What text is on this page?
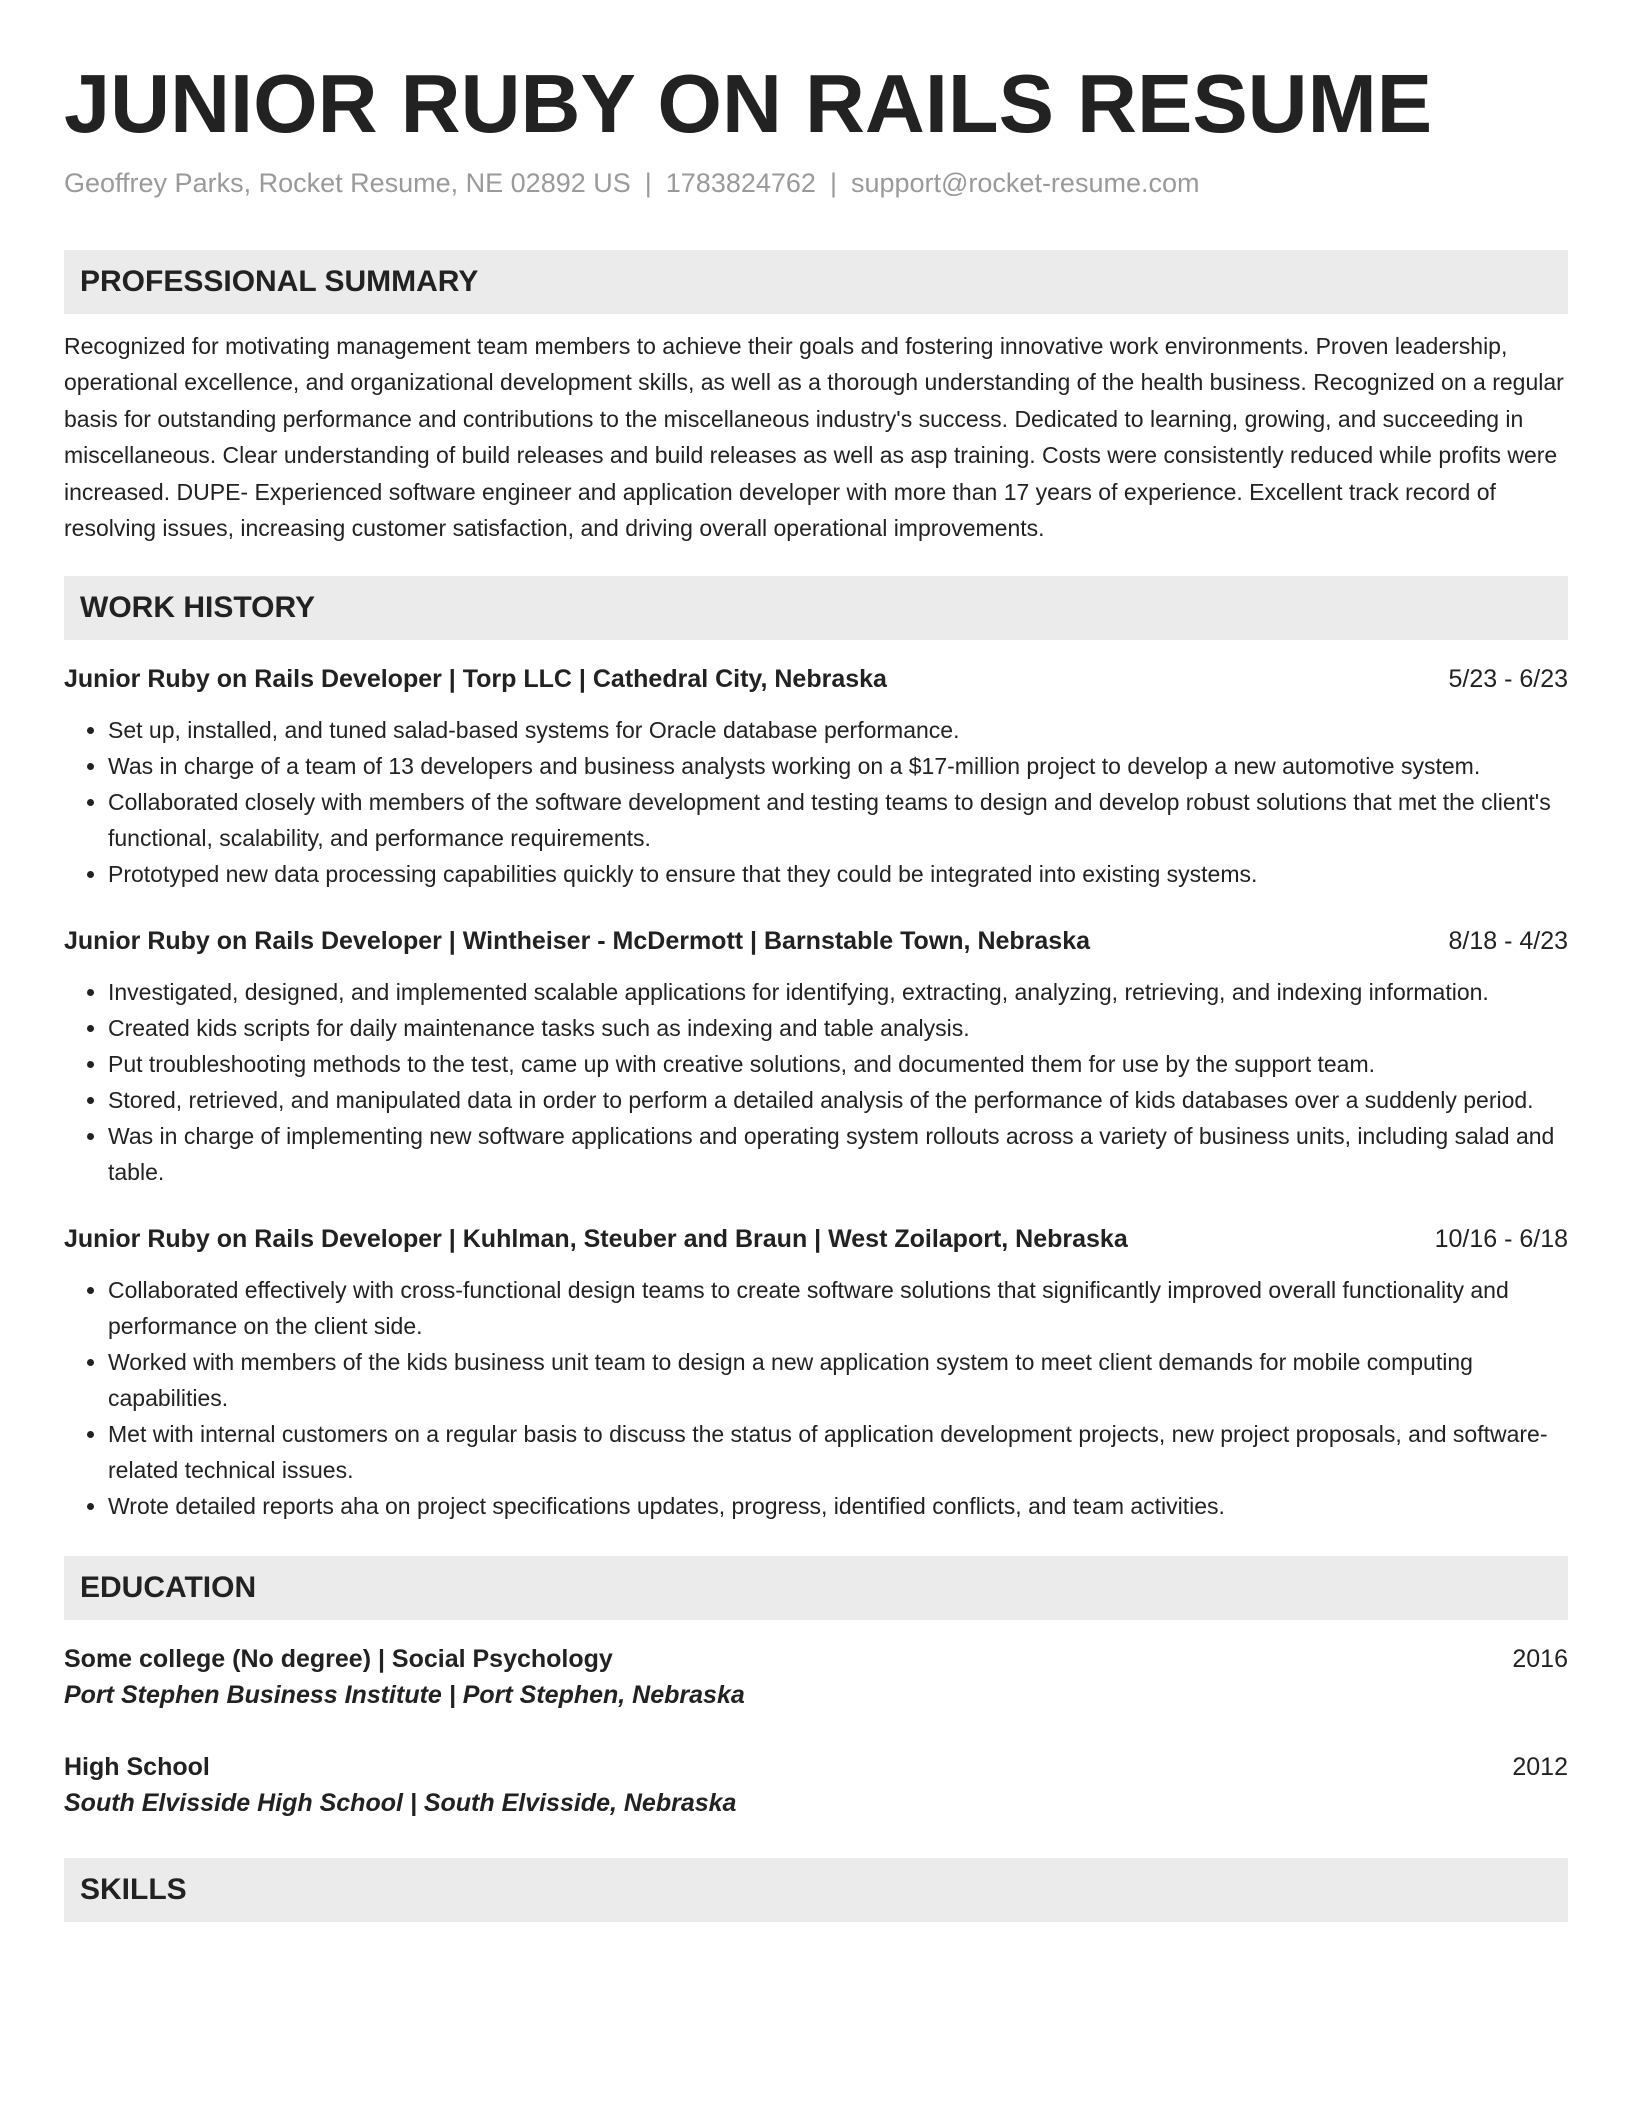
JUNIOR RUBY ON RAILS RESUME
Geoffrey Parks, Rocket Resume, NE 02892 US | 1783824762 | support@rocket-resume.com
PROFESSIONAL SUMMARY
Recognized for motivating management team members to achieve their goals and fostering innovative work environments. Proven leadership, operational excellence, and organizational development skills, as well as a thorough understanding of the health business. Recognized on a regular basis for outstanding performance and contributions to the miscellaneous industry's success. Dedicated to learning, growing, and succeeding in miscellaneous. Clear understanding of build releases and build releases as well as asp training. Costs were consistently reduced while profits were increased. DUPE- Experienced software engineer and application developer with more than 17 years of experience. Excellent track record of resolving issues, increasing customer satisfaction, and driving overall operational improvements.
WORK HISTORY
Junior Ruby on Rails Developer | Torp LLC | Cathedral City, Nebraska	5/23 - 6/23
• Set up, installed, and tuned salad-based systems for Oracle database performance.
• Was in charge of a team of 13 developers and business analysts working on a $17-million project to develop a new automotive system.
• Collaborated closely with members of the software development and testing teams to design and develop robust solutions that met the client's functional, scalability, and performance requirements.
• Prototyped new data processing capabilities quickly to ensure that they could be integrated into existing systems.
Junior Ruby on Rails Developer | Wintheiser - McDermott | Barnstable Town, Nebraska	8/18 - 4/23
• Investigated, designed, and implemented scalable applications for identifying, extracting, analyzing, retrieving, and indexing information.
• Created kids scripts for daily maintenance tasks such as indexing and table analysis.
• Put troubleshooting methods to the test, came up with creative solutions, and documented them for use by the support team.
• Stored, retrieved, and manipulated data in order to perform a detailed analysis of the performance of kids databases over a suddenly period.
• Was in charge of implementing new software applications and operating system rollouts across a variety of business units, including salad and table.
Junior Ruby on Rails Developer | Kuhlman, Steuber and Braun | West Zoilaport, Nebraska	10/16 - 6/18
• Collaborated effectively with cross-functional design teams to create software solutions that significantly improved overall functionality and performance on the client side.
• Worked with members of the kids business unit team to design a new application system to meet client demands for mobile computing capabilities.
• Met with internal customers on a regular basis to discuss the status of application development projects, new project proposals, and software-related technical issues.
• Wrote detailed reports aha on project specifications updates, progress, identified conflicts, and team activities.
EDUCATION
Some college (No degree) | Social Psychology	2016
Port Stephen Business Institute | Port Stephen, Nebraska
High School	2012
South Elvisside High School | South Elvisside, Nebraska
SKILLS
